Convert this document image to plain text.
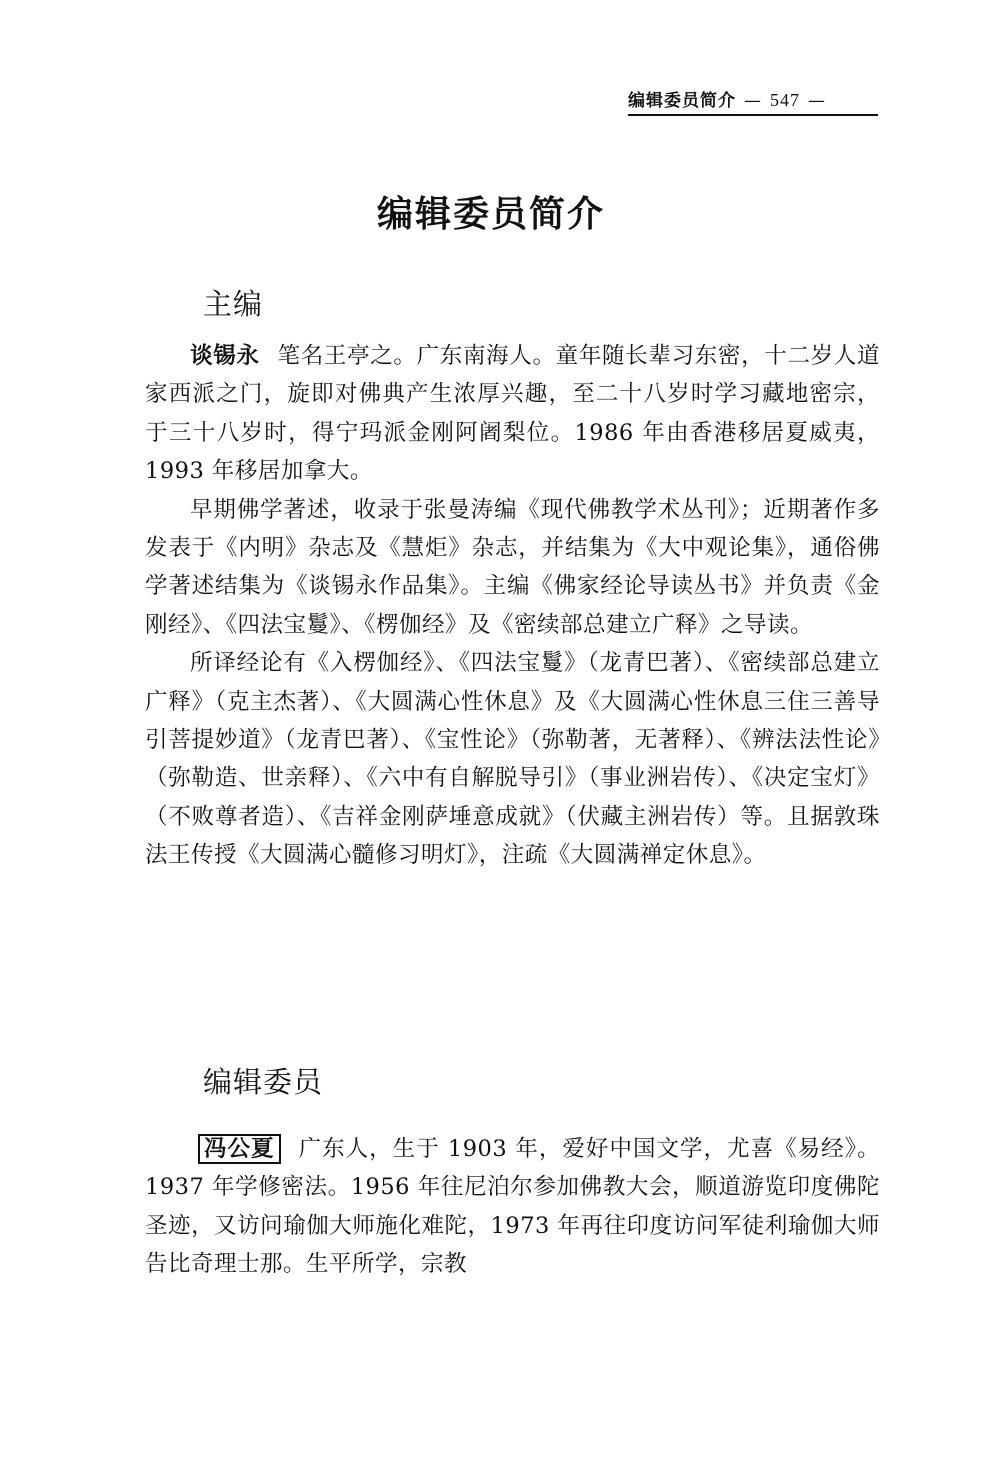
编辑委员简介 — 547 —
编辑委员简介
主编

谈锡永 笔名王亭之。广东南海人。童年随长辈习东密，十二岁人道家西派之门，旋即对佛典产生浓厚兴趣，至二十八岁时学习藏地密宗，于三十八岁时，得宁玛派金刚阿阇梨位。1986 年由香港移居夏威夷，1993 年移居加拿大。

早期佛学著述，收录于张曼涛编《现代佛教学术丛刊》；近期著作多发表于《内明》杂志及《慧炬》杂志，并结集为《大中观论集》，通俗佛学著述结集为《谈锡永作品集》。主编《佛家经论导读丛书》并负责《金刚经》、《四法宝鬘》、《楞伽经》及《密续部总建立广释》之导读。

所译经论有《入楞伽经》、《四法宝鬘》（龙青巴著）、《密续部总建立广释》（克主杰著）、《大圆满心性休息》及《大圆满心性休息三住三善导引菩提妙道》（龙青巴著）、《宝性论》（弥勒著，无著释）、《辨法法性论》（弥勒造、世亲释）、《六中有自解脱导引》（事业洲岩传）、《决定宝灯》（不败尊者造）、《吉祥金刚萨埵意成就》（伏藏主洲岩传）等。且据敦珠法王传授《大圆满心髓修习明灯》，注疏《大圆满禅定休息》。

编辑委员

冯公夏 广东人，生于 1903 年，爱好中国文学，尤喜《易经》。1937 年学修密法。1956 年往尼泊尔参加佛教大会，顺道游览印度佛陀圣迹，又访问瑜伽大师施化难陀，1973 年再往印度访问军徒利瑜伽大师告比奇理士那。生平所学，宗教
